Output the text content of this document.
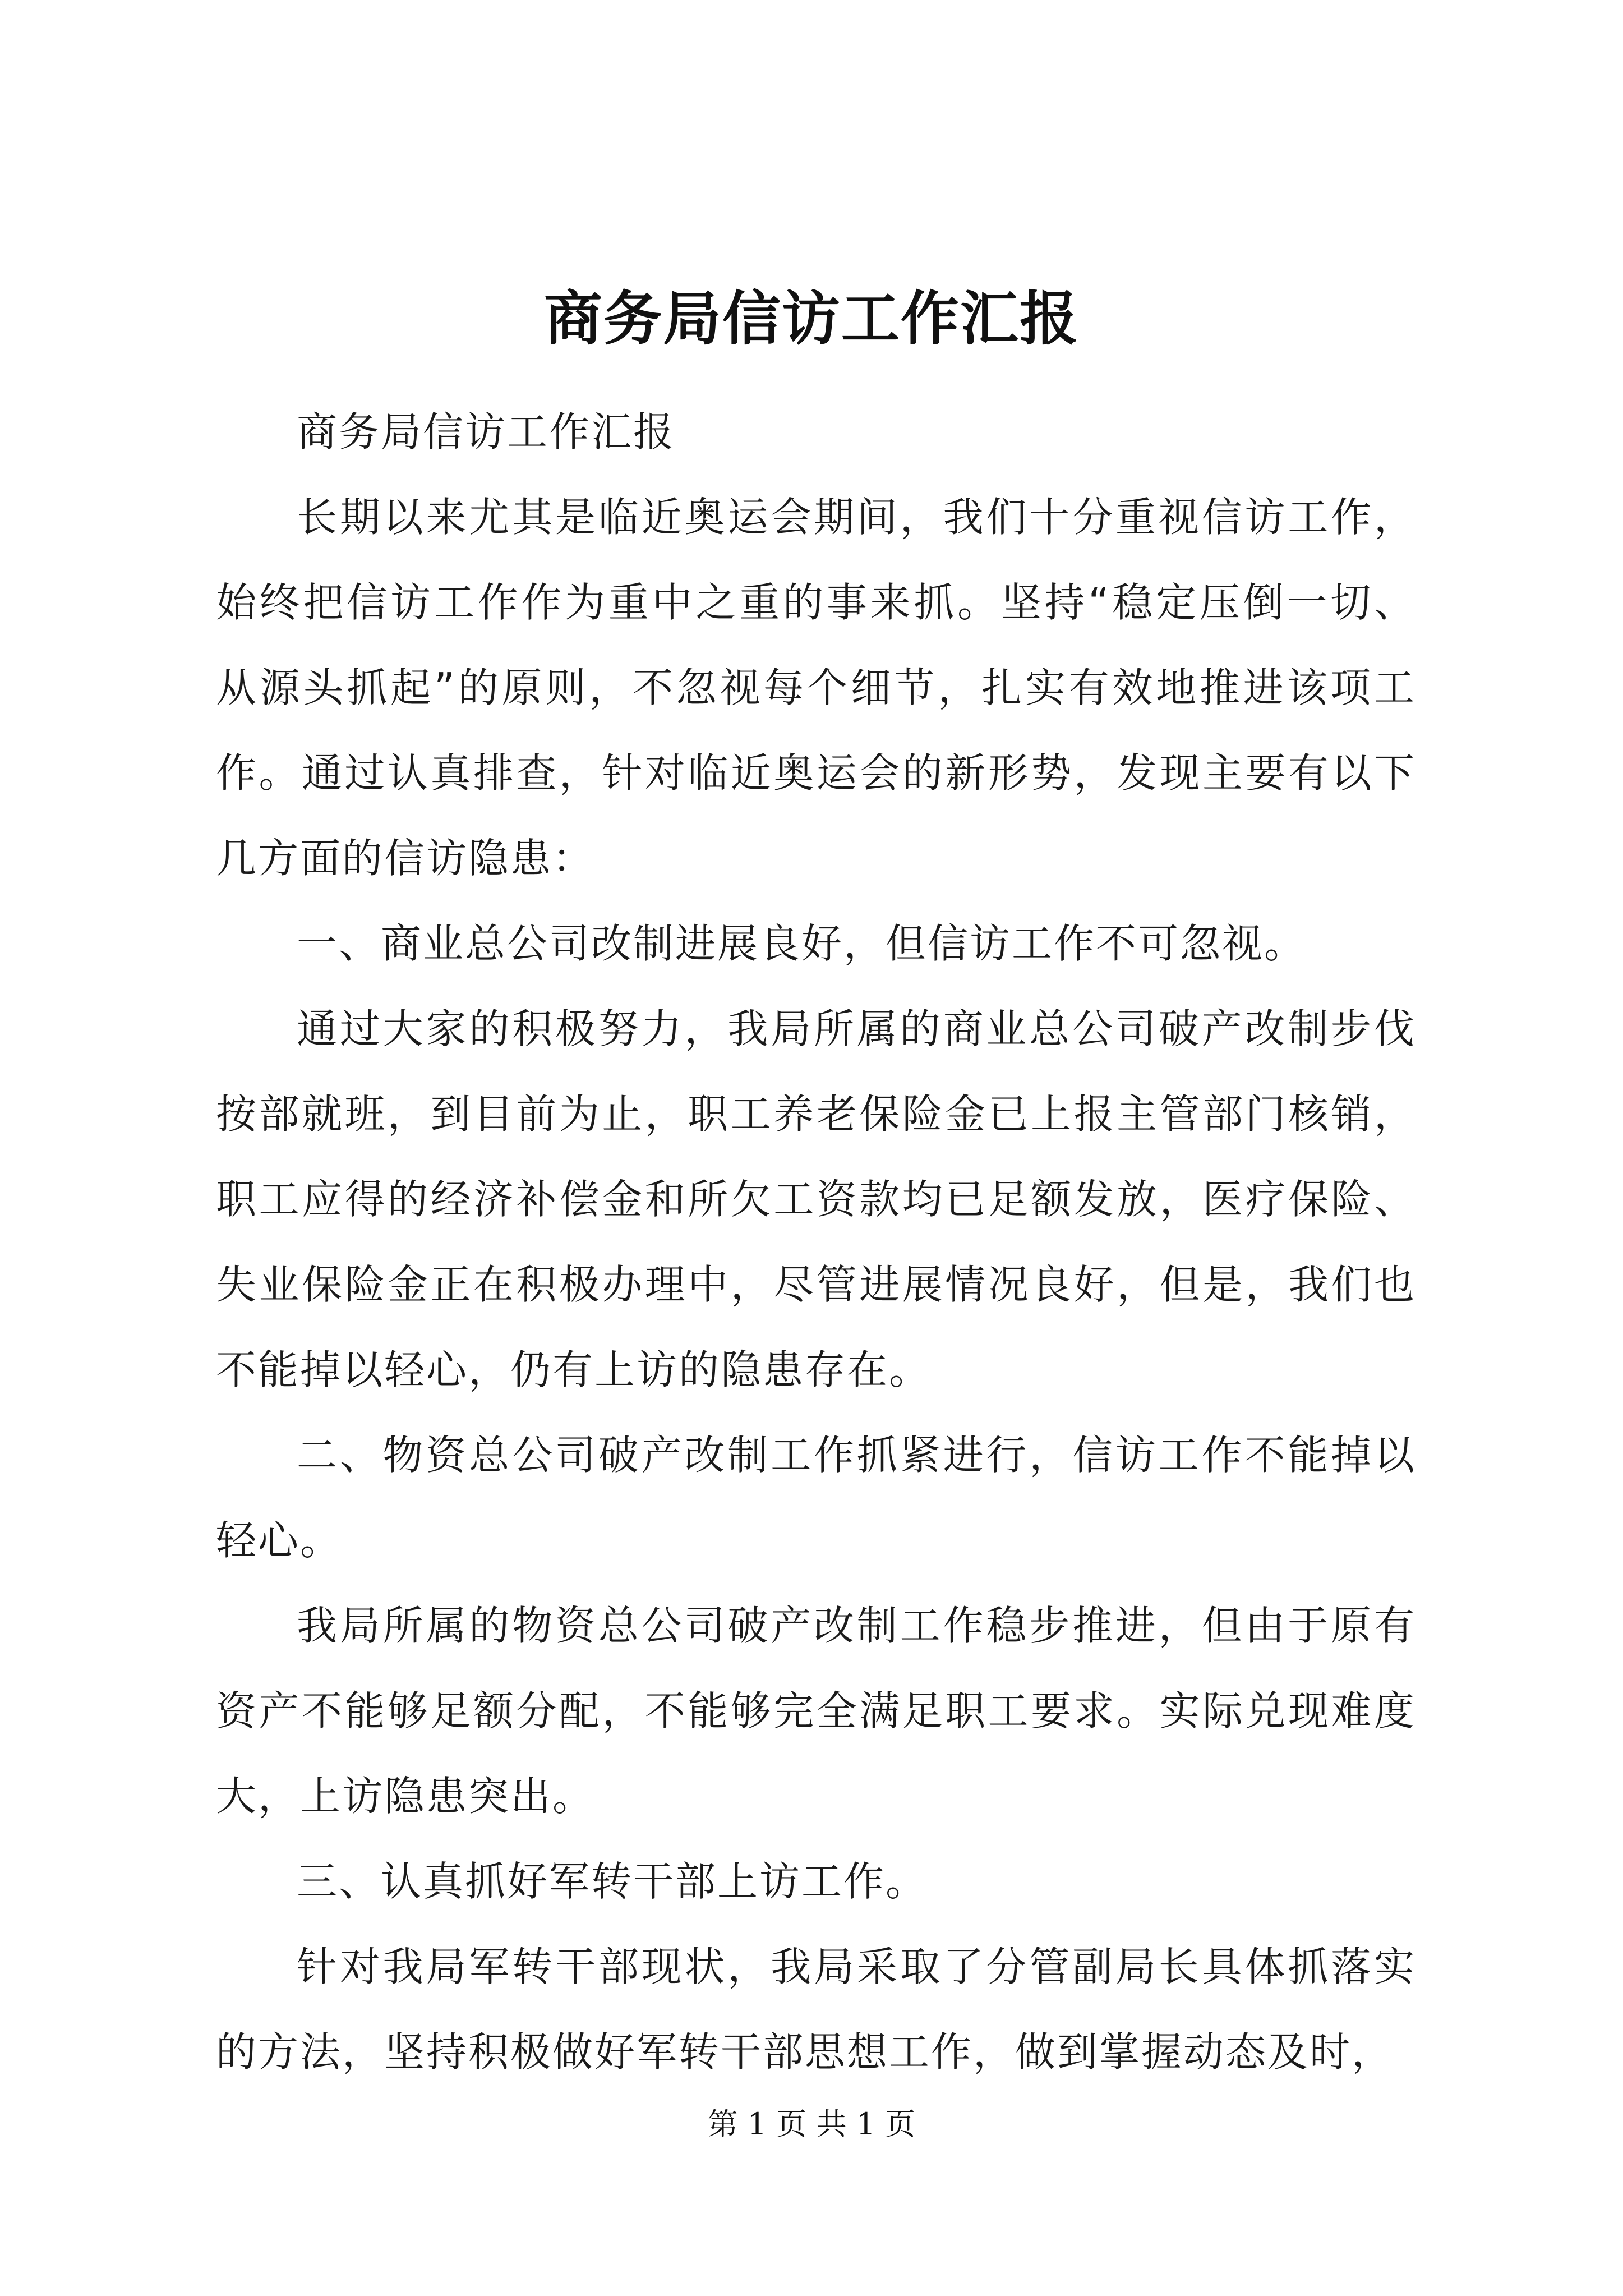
商务局信访工作汇报

商务局信访工作汇报

长期以来尤其是临近奥运会期间，我们十分重视信访工作，始终把信访工作作为重中之重的事来抓。坚持“稳定压倒一切、从源头抓起”的原则，不忽视每个细节，扎实有效地推进该项工作。通过认真排查，针对临近奥运会的新形势，发现主要有以下几方面的信访隐患：

一、商业总公司改制进展良好，但信访工作不可忽视。

通过大家的积极努力，我局所属的商业总公司破产改制步伐按部就班，到目前为止，职工养老保险金已上报主管部门核销，职工应得的经济补偿金和所欠工资款均已足额发放，医疗保险、失业保险金正在积极办理中，尽管进展情况良好，但是，我们也不能掉以轻心，仍有上访的隐患存在。

二、物资总公司破产改制工作抓紧进行，信访工作不能掉以轻心。

我局所属的物资总公司破产改制工作稳步推进，但由于原有资产不能够足额分配，不能够完全满足职工要求。实际兑现难度大，上访隐患突出。

三、认真抓好军转干部上访工作。

针对我局军转干部现状，我局采取了分管副局长具体抓落实的方法，坚持积极做好军转干部思想工作，做到掌握动态及时，

第 1 页 共 1 页
